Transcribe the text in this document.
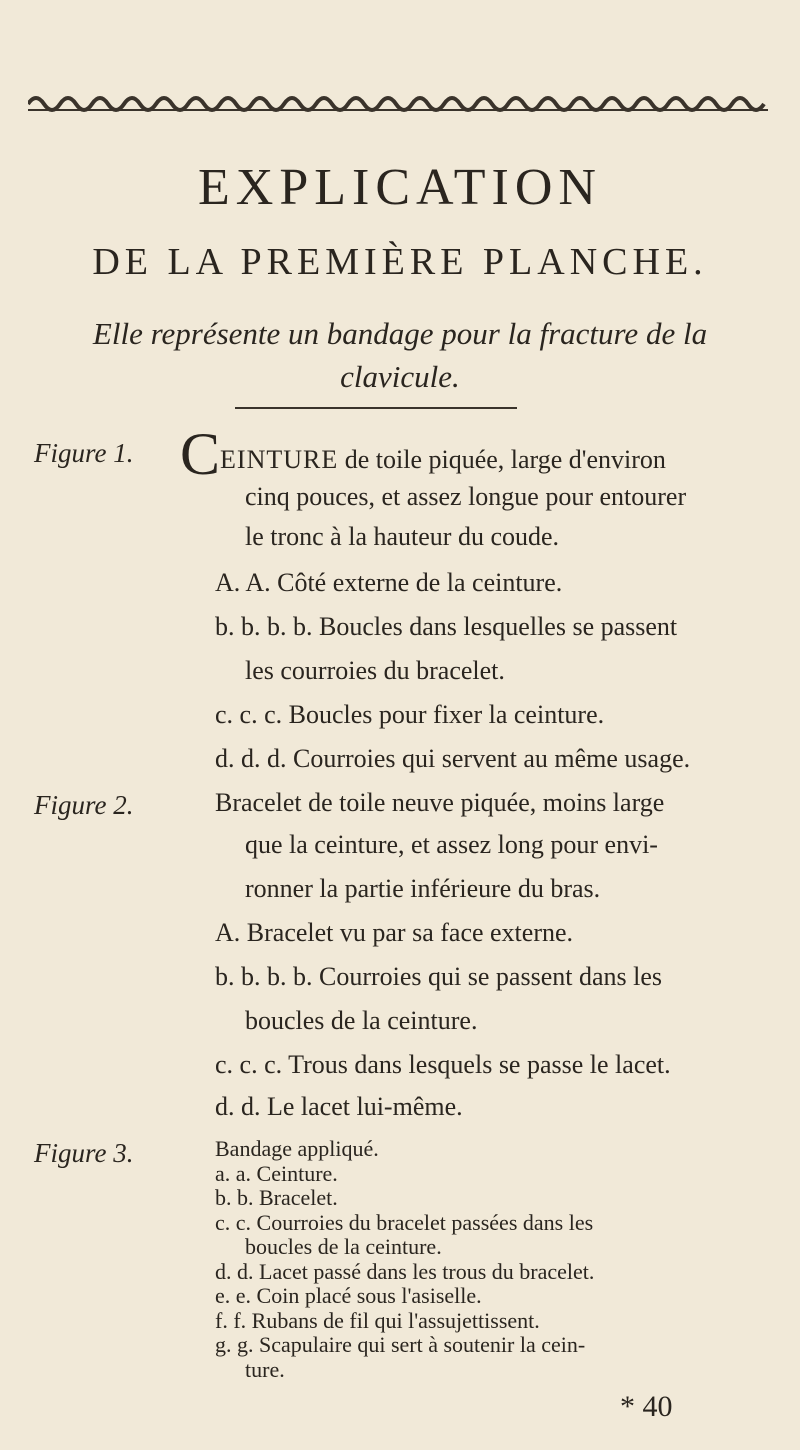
EXPLICATION
DE LA PREMIÈRE PLANCHE.
Elle représente un bandage pour la fracture de la
clavicule.
Figure 1. CEINTURE de toile piquée, large d'environ
cinq pouces, et assez longue pour entourer
le tronc à la hauteur du coude.
A. A. Côté externe de la ceinture.
b. b. b. b. Boucles dans lesquelles se passent
les courroies du bracelet.
c. c. c. Boucles pour fixer la ceinture.
d. d. d. Courroies qui servent au même usage.
Figure 2.	Bracelet de toile neuve piquée, moins large
que la ceinture, et assez long pour envi-
ronner la partie inférieure du bras.
A. Bracelet vu par sa face externe.
b. b. b. b. Courroies qui se passent dans les
boucles de la ceinture.
c. c. c. Trous dans lesquels se passe le lacet.
d. d. Le lacet lui-même.
Figure 3.	Bandage appliqué.
a. a. Ceinture.
b. b. Bracelet.
c. c. Courroies du bracelet passées dans les
boucles de la ceinture.
d. d. Lacet passé dans les trous du bracelet.
e. e. Coin placé sous l'asiselle.
f. f. Rubans de fil qui l'assujettissent.
g. g. Scapulaire qui sert à soutenir la cein-
ture.
* 40
